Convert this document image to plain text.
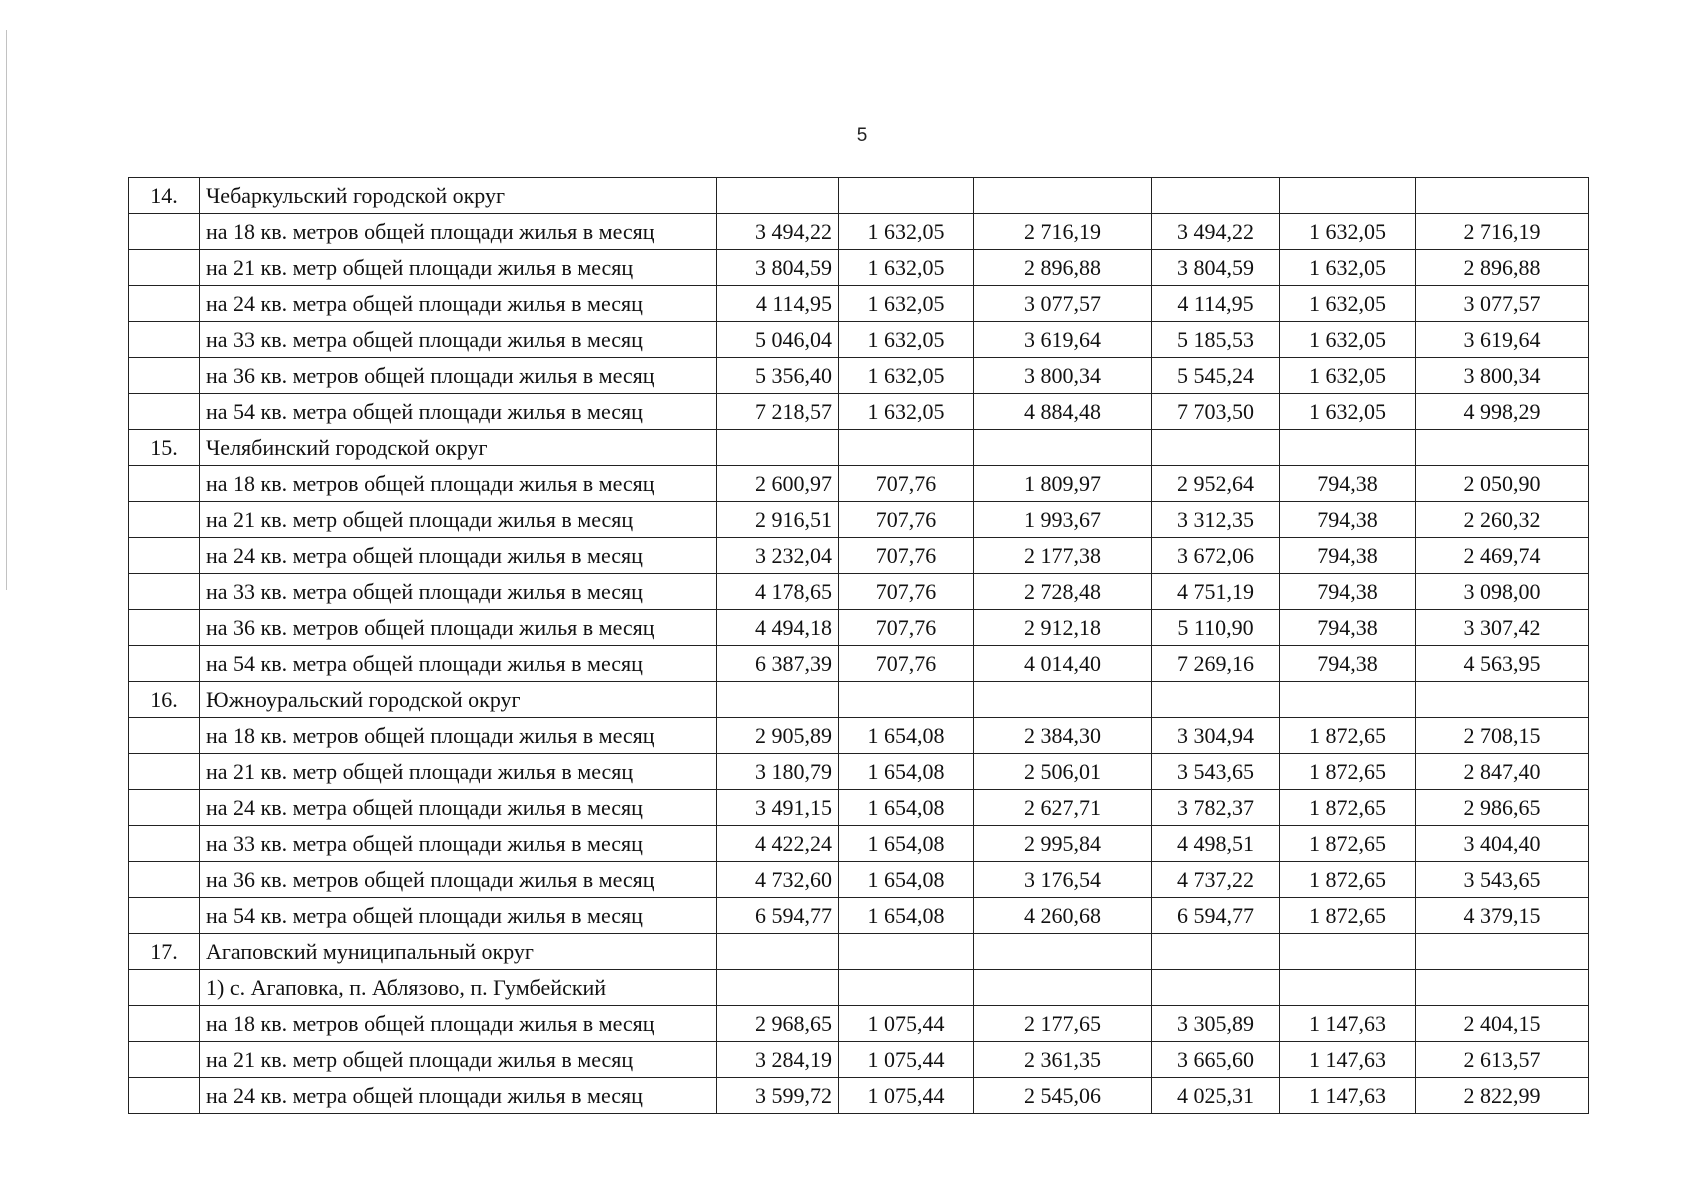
5
14.	Чебаркульский городской округ						
	на 18 кв. метров общей площади жилья в месяц	3 494,22	1 632,05	2 716,19	3 494,22	1 632,05	2 716,19
	на 21 кв. метр общей площади жилья в месяц	3 804,59	1 632,05	2 896,88	3 804,59	1 632,05	2 896,88
	на 24 кв. метра общей площади жилья в месяц	4 114,95	1 632,05	3 077,57	4 114,95	1 632,05	3 077,57
	на 33 кв. метра общей площади жилья в месяц	5 046,04	1 632,05	3 619,64	5 185,53	1 632,05	3 619,64
	на 36 кв. метров общей площади жилья в месяц	5 356,40	1 632,05	3 800,34	5 545,24	1 632,05	3 800,34
	на 54 кв. метра общей площади жилья в месяц	7 218,57	1 632,05	4 884,48	7 703,50	1 632,05	4 998,29
15.	Челябинский городской округ						
	на 18 кв. метров общей площади жилья в месяц	2 600,97	707,76	1 809,97	2 952,64	794,38	2 050,90
	на 21 кв. метр общей площади жилья в месяц	2 916,51	707,76	1 993,67	3 312,35	794,38	2 260,32
	на 24 кв. метра общей площади жилья в месяц	3 232,04	707,76	2 177,38	3 672,06	794,38	2 469,74
	на 33 кв. метра общей площади жилья в месяц	4 178,65	707,76	2 728,48	4 751,19	794,38	3 098,00
	на 36 кв. метров общей площади жилья в месяц	4 494,18	707,76	2 912,18	5 110,90	794,38	3 307,42
	на 54 кв. метра общей площади жилья в месяц	6 387,39	707,76	4 014,40	7 269,16	794,38	4 563,95
16.	Южноуральский городской округ						
	на 18 кв. метров общей площади жилья в месяц	2 905,89	1 654,08	2 384,30	3 304,94	1 872,65	2 708,15
	на 21 кв. метр общей площади жилья в месяц	3 180,79	1 654,08	2 506,01	3 543,65	1 872,65	2 847,40
	на 24 кв. метра общей площади жилья в месяц	3 491,15	1 654,08	2 627,71	3 782,37	1 872,65	2 986,65
	на 33 кв. метра общей площади жилья в месяц	4 422,24	1 654,08	2 995,84	4 498,51	1 872,65	3 404,40
	на 36 кв. метров общей площади жилья в месяц	4 732,60	1 654,08	3 176,54	4 737,22	1 872,65	3 543,65
	на 54 кв. метра общей площади жилья в месяц	6 594,77	1 654,08	4 260,68	6 594,77	1 872,65	4 379,15
17.	Агаповский муниципальный округ						
	1) с. Агаповка, п. Аблязово, п. Гумбейский						
	на 18 кв. метров общей площади жилья в месяц	2 968,65	1 075,44	2 177,65	3 305,89	1 147,63	2 404,15
	на 21 кв. метр общей площади жилья в месяц	3 284,19	1 075,44	2 361,35	3 665,60	1 147,63	2 613,57
	на 24 кв. метра общей площади жилья в месяц	3 599,72	1 075,44	2 545,06	4 025,31	1 147,63	2 822,99
